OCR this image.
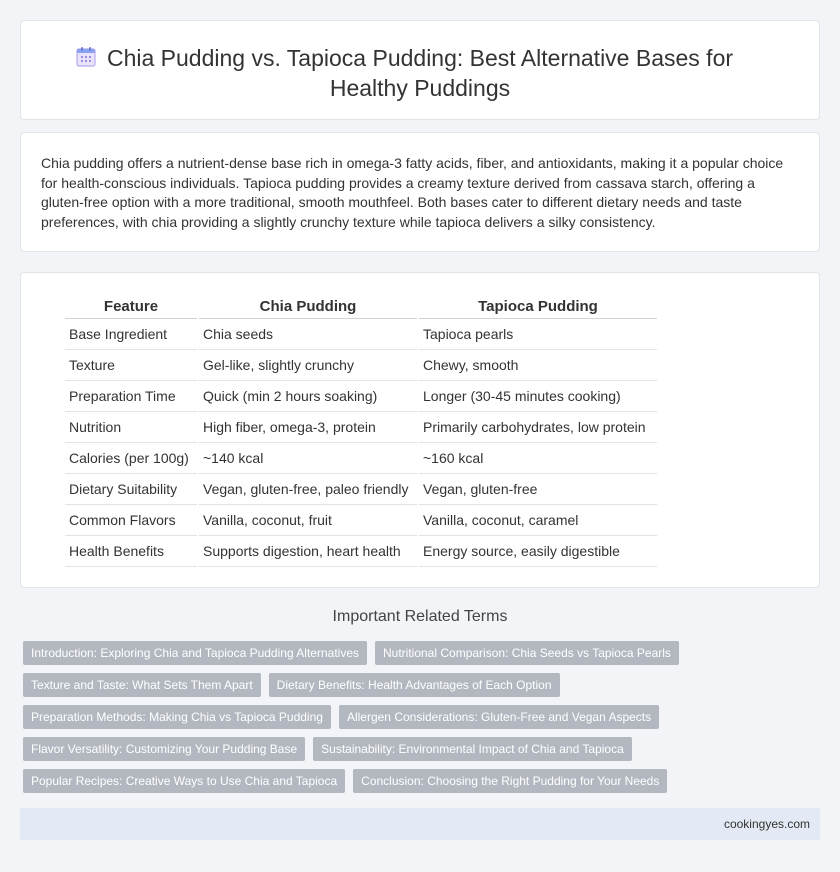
Chia Pudding vs. Tapioca Pudding: Best Alternative Bases for
Healthy Puddings

Chia pudding offers a nutrient-dense base rich in omega-3 fatty acids, fiber, and antioxidants, making it a popular choice for health-conscious individuals. Tapioca pudding provides a creamy texture derived from cassava starch, offering a gluten-free option with a more traditional, smooth mouthfeel. Both bases cater to different dietary needs and taste preferences, with chia providing a slightly crunchy texture while tapioca delivers a silky consistency.

Feature	Chia Pudding	Tapioca Pudding
Base Ingredient	Chia seeds	Tapioca pearls
Texture	Gel-like, slightly crunchy	Chewy, smooth
Preparation Time	Quick (min 2 hours soaking)	Longer (30-45 minutes cooking)
Nutrition	High fiber, omega-3, protein	Primarily carbohydrates, low protein
Calories (per 100g)	~140 kcal	~160 kcal
Dietary Suitability	Vegan, gluten-free, paleo friendly	Vegan, gluten-free
Common Flavors	Vanilla, coconut, fruit	Vanilla, coconut, caramel
Health Benefits	Supports digestion, heart health	Energy source, easily digestible
Important Related Terms
Introduction: Exploring Chia and Tapioca Pudding Alternatives	Nutritional Comparison: Chia Seeds vs Tapioca Pearls
Texture and Taste: What Sets Them Apart	Dietary Benefits: Health Advantages of Each Option
Preparation Methods: Making Chia vs Tapioca Pudding	Allergen Considerations: Gluten-Free and Vegan Aspects
Flavor Versatility: Customizing Your Pudding Base	Sustainability: Environmental Impact of Chia and Tapioca
Popular Recipes: Creative Ways to Use Chia and Tapioca	Conclusion: Choosing the Right Pudding for Your Needs
cookingyes.com
